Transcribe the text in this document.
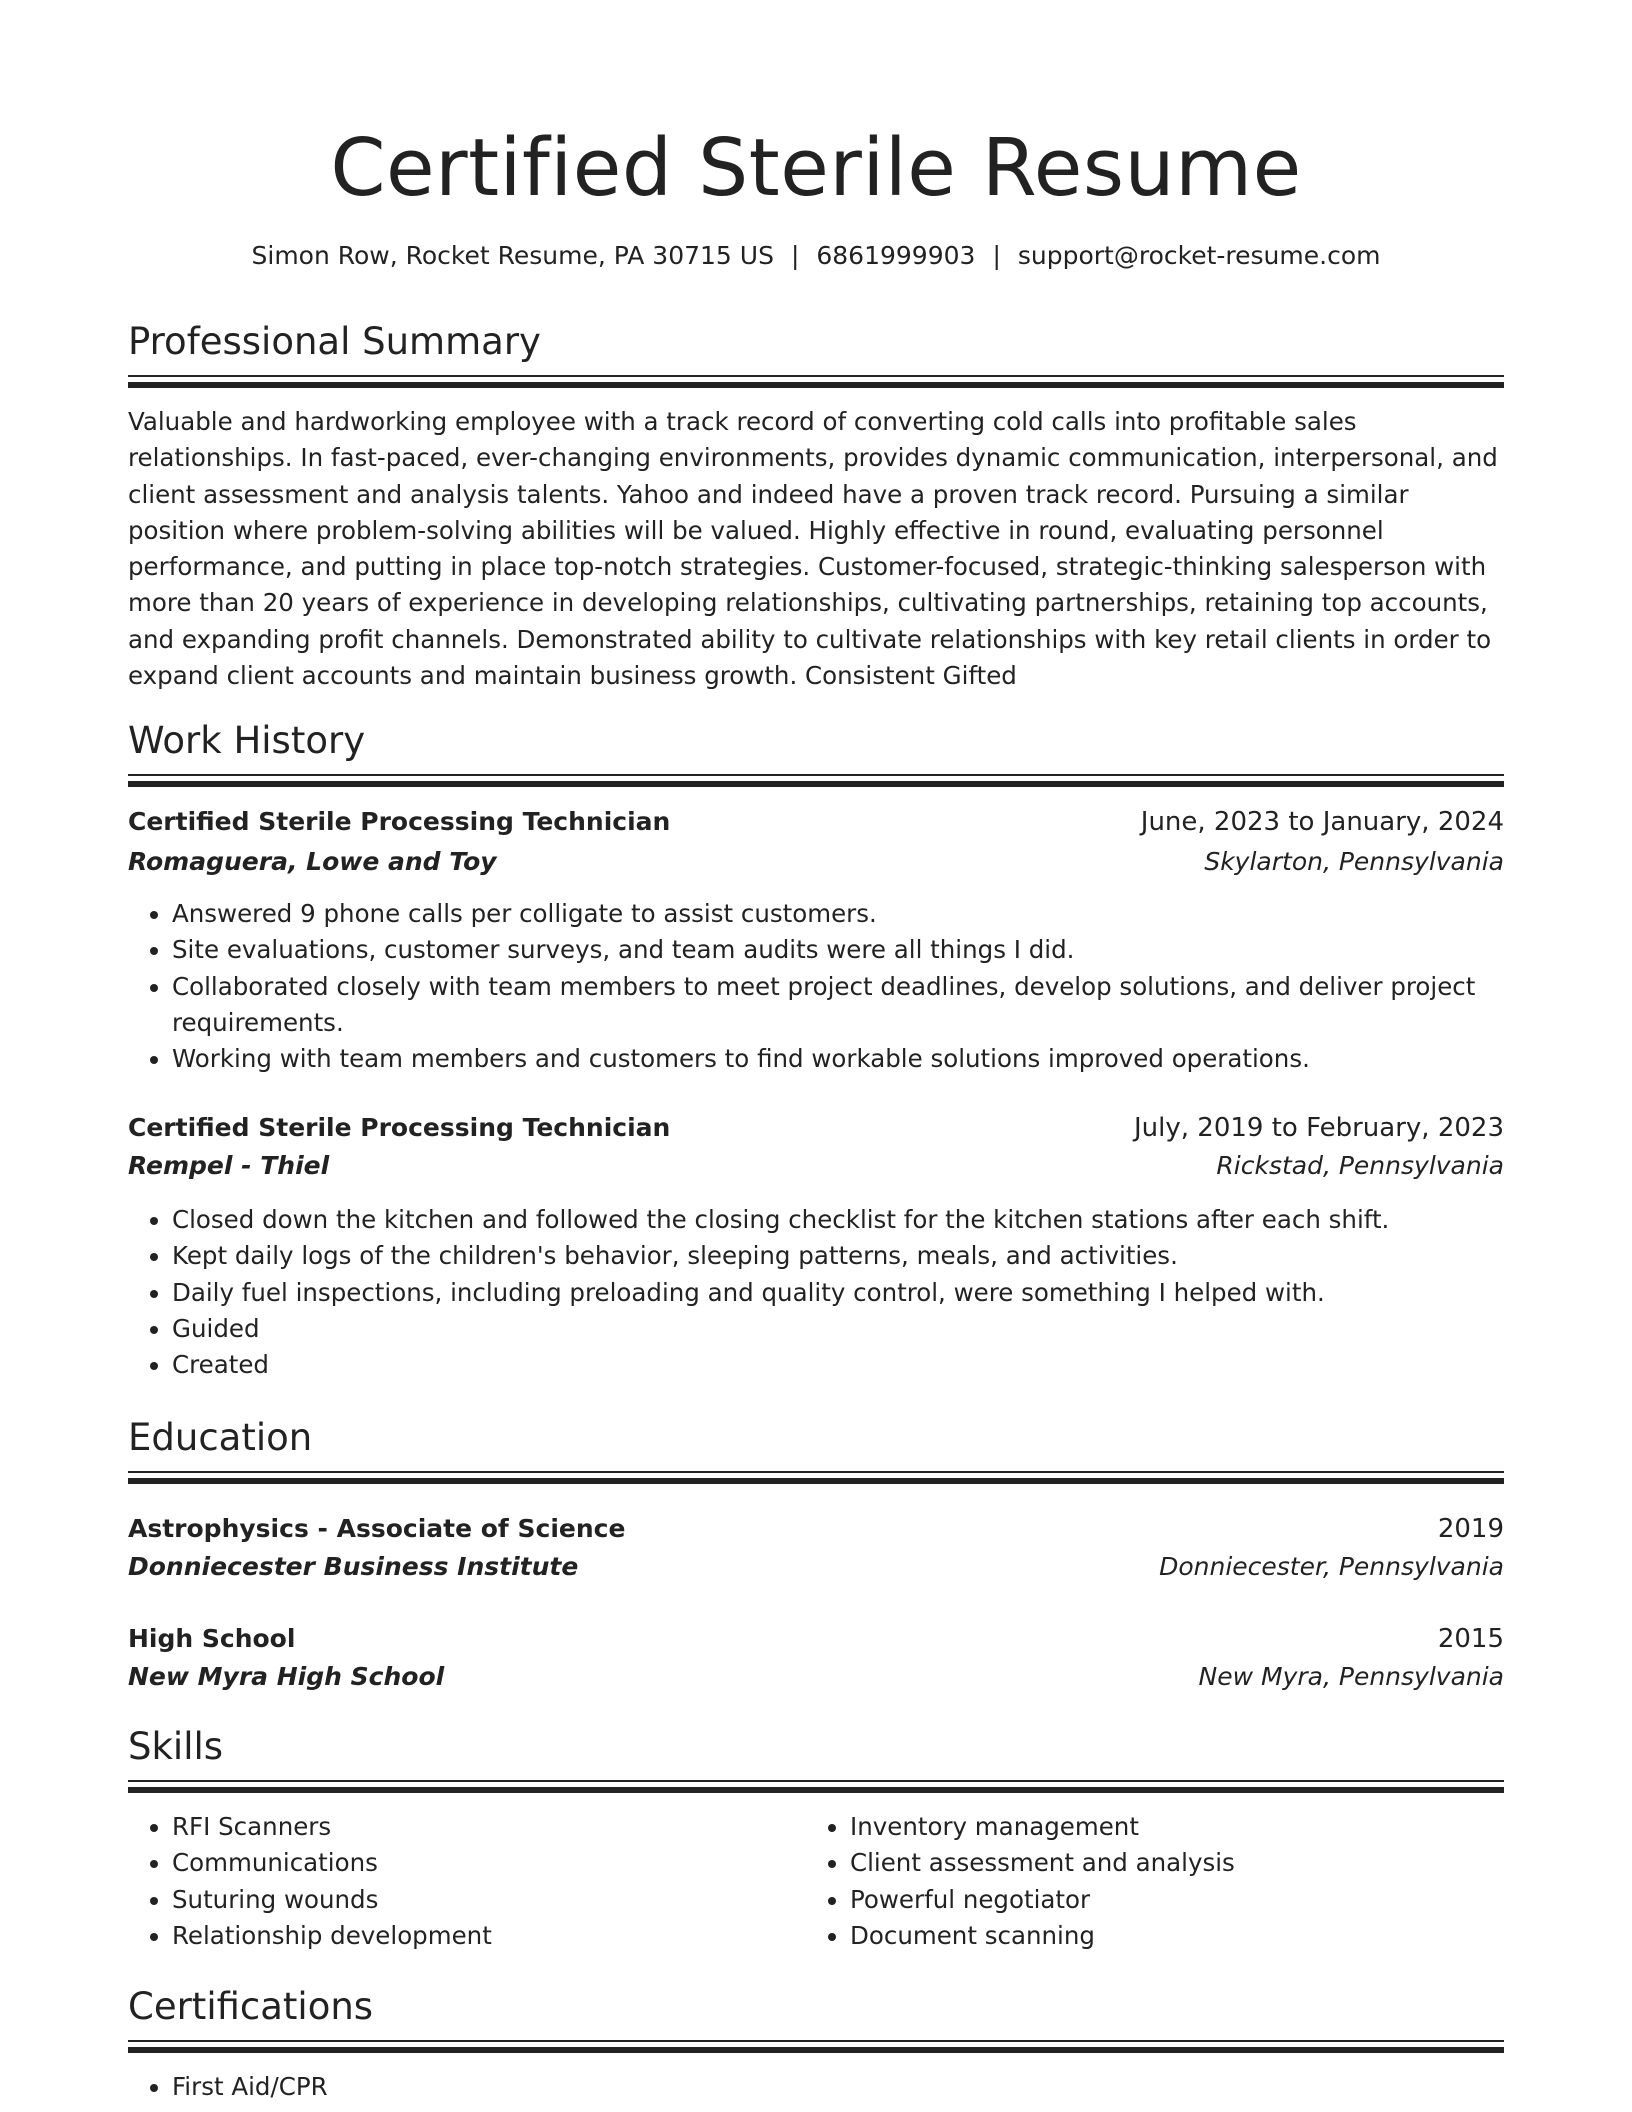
Certified Sterile Resume
Simon Row, Rocket Resume, PA 30715 US | 6861999903 | support@rocket-resume.com
Professional Summary

Valuable and hardworking employee with a track record of converting cold calls into profitable sales relationships. In fast-paced, ever-changing environments, provides dynamic communication, interpersonal, and client assessment and analysis talents. Yahoo and indeed have a proven track record. Pursuing a similar position where problem-solving abilities will be valued. Highly effective in round, evaluating personnel performance, and putting in place top-notch strategies. Customer-focused, strategic-thinking salesperson with more than 20 years of experience in developing relationships, cultivating partnerships, retaining top accounts, and expanding profit channels. Demonstrated ability to cultivate relationships with key retail clients in order to expand client accounts and maintain business growth. Consistent Gifted

Work History
Certified Sterile Processing Technician	June, 2023 to January, 2024
Romaguera, Lowe and Toy	Skylarton, Pennsylvania
• Answered 9 phone calls per colligate to assist customers.
• Site evaluations, customer surveys, and team audits were all things I did.
• Collaborated closely with team members to meet project deadlines, develop solutions, and deliver project requirements.
• Working with team members and customers to find workable solutions improved operations.
Certified Sterile Processing Technician	July, 2019 to February, 2023
Rempel - Thiel	Rickstad, Pennsylvania
• Closed down the kitchen and followed the closing checklist for the kitchen stations after each shift.
• Kept daily logs of the children's behavior, sleeping patterns, meals, and activities.
• Daily fuel inspections, including preloading and quality control, were something I helped with.
• Guided
• Created
Education
Astrophysics - Associate of Science	2019
Donniecester Business Institute	Donniecester, Pennsylvania
High School	2015
New Myra High School	New Myra, Pennsylvania
Skills
• RFI Scanners
• Communications
• Suturing wounds
• Relationship development
• Inventory management
• Client assessment and analysis
• Powerful negotiator
• Document scanning
Certifications
• First Aid/CPR
